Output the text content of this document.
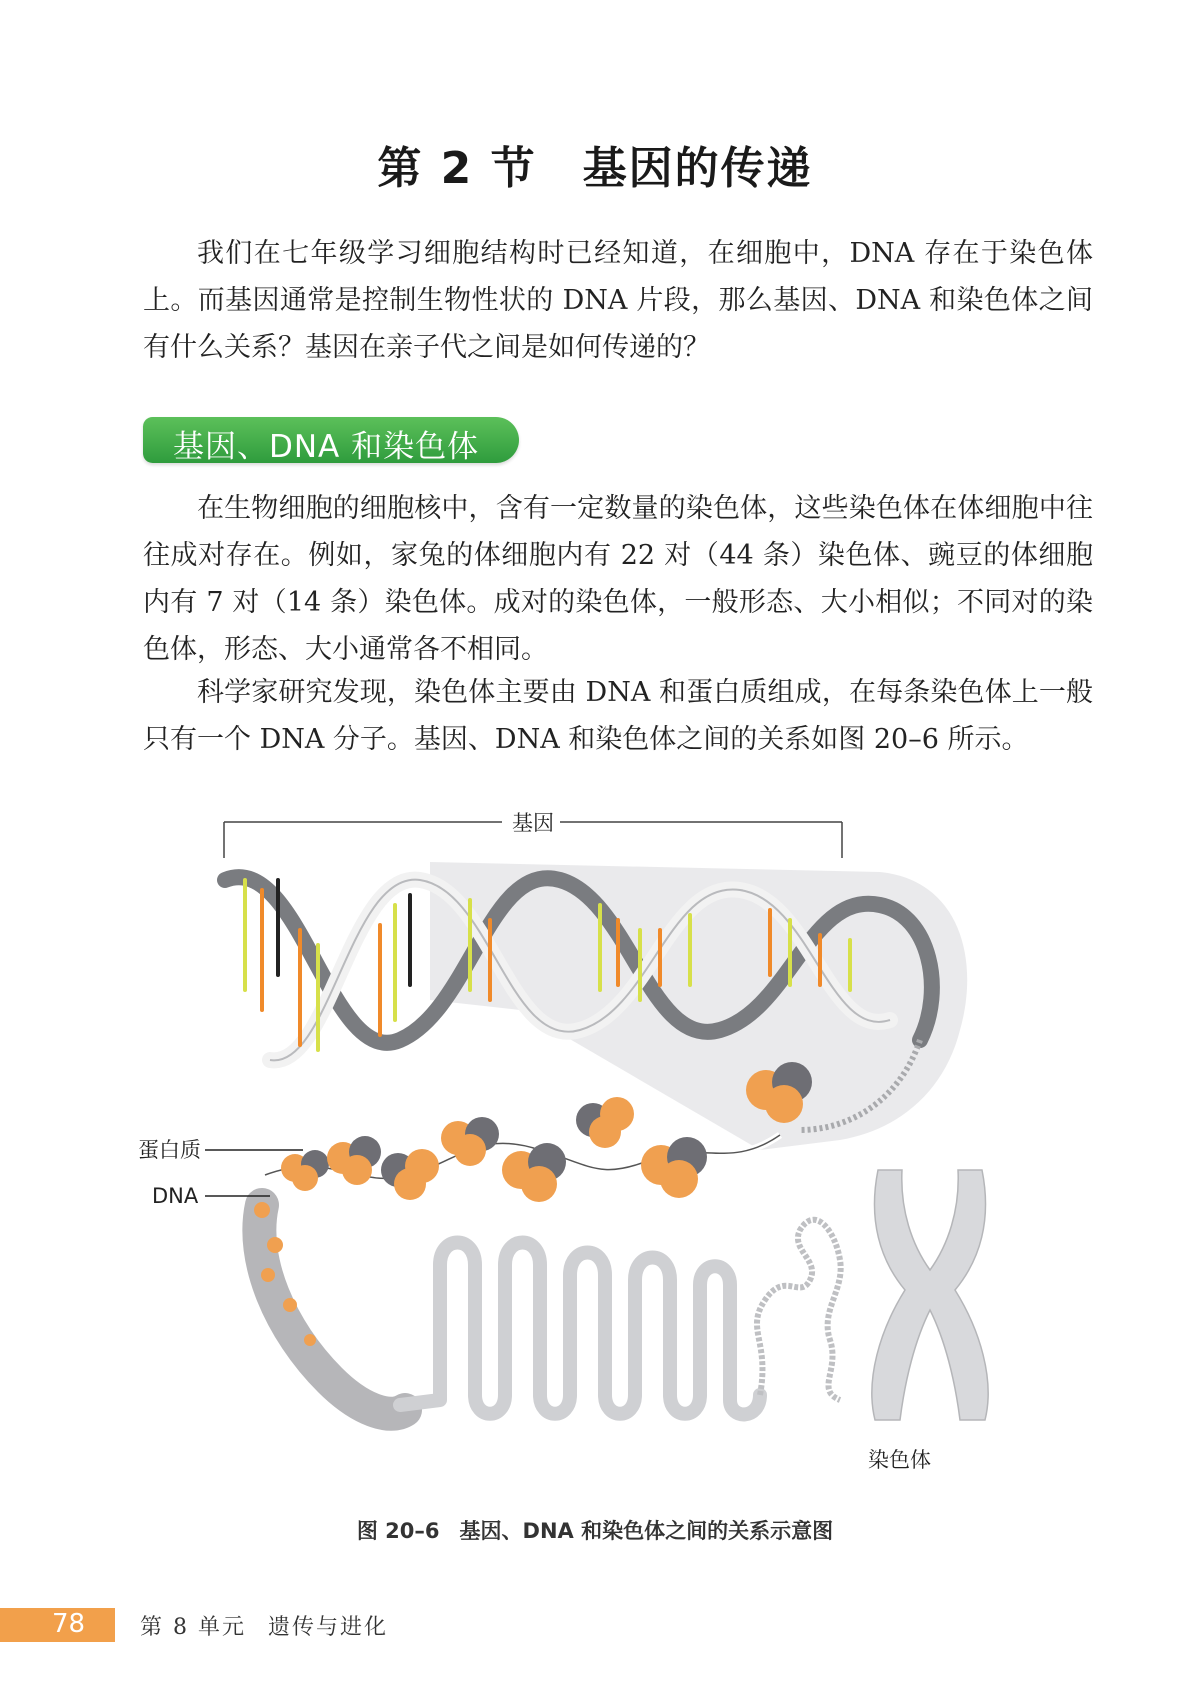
第 2 节 基因的传递
我们在七年级学习细胞结构时已经知道，在细胞中，DNA 存在于染色体上。而基因通常是控制生物性状的 DNA 片段，那么基因、DNA 和染色体之间有什么关系？基因在亲子代之间是如何传递的？
基因、DNA 和染色体
在生物细胞的细胞核中，含有一定数量的染色体，这些染色体在体细胞中往往成对存在。例如，家兔的体细胞内有 22 对（44 条）染色体、豌豆的体细胞内有 7 对（14 条）染色体。成对的染色体，一般形态、大小相似；不同对的染色体，形态、大小通常各不相同。
科学家研究发现，染色体主要由 DNA 和蛋白质组成，在每条染色体上一般只有一个 DNA 分子。基因、DNA 和染色体之间的关系如图 20–6 所示。
基因
蛋白质
DNA
染色体
图 20–6 基因、DNA 和染色体之间的关系示意图
78 第 8 单元 遗传与进化
